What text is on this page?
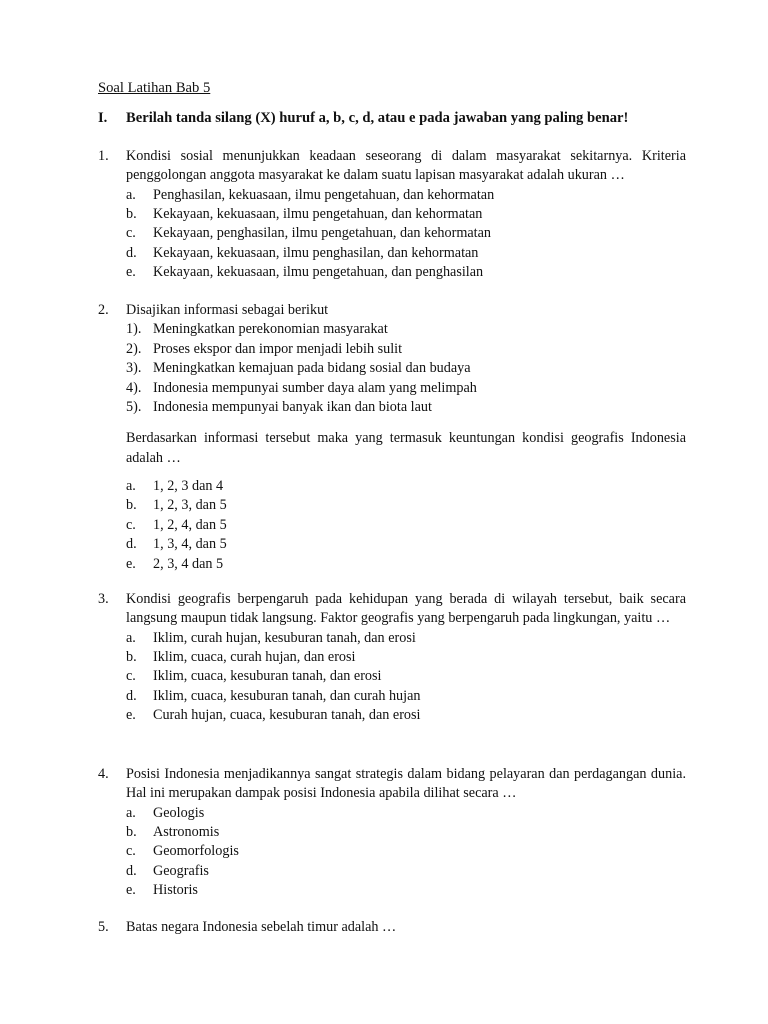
Soal Latihan Bab 5
I. Berilah tanda silang (X) huruf a, b, c, d, atau e pada jawaban yang paling benar!
1.	Kondisi sosial menunjukkan keadaan seseorang di dalam masyarakat sekitarnya. Kriteria penggolongan anggota masyarakat ke dalam suatu lapisan masyarakat adalah ukuran …
a.	Penghasilan, kekuasaan, ilmu pengetahuan, dan kehormatan
b.	Kekayaan, kekuasaan, ilmu pengetahuan, dan kehormatan
c.	Kekayaan, penghasilan, ilmu pengetahuan, dan kehormatan
d.	Kekayaan, kekuasaan, ilmu penghasilan, dan kehormatan
e.	Kekayaan, kekuasaan, ilmu pengetahuan, dan penghasilan
2.	Disajikan informasi sebagai berikut
1). Meningkatkan perekonomian masyarakat
2). Proses ekspor dan impor menjadi lebih sulit
3). Meningkatkan kemajuan pada bidang sosial dan budaya
4). Indonesia mempunyai sumber daya alam yang melimpah
5). Indonesia mempunyai banyak ikan dan biota laut
Berdasarkan informasi tersebut maka yang termasuk keuntungan kondisi geografis Indonesia adalah …
a.	1, 2, 3 dan 4
b.	1, 2, 3, dan 5
c.	1, 2, 4, dan 5
d.	1, 3, 4, dan 5
e.	2, 3, 4 dan 5
3.	Kondisi geografis berpengaruh pada kehidupan yang berada di wilayah tersebut, baik secara langsung maupun tidak langsung. Faktor geografis yang berpengaruh pada lingkungan, yaitu …
a.	Iklim, curah hujan, kesuburan tanah, dan erosi
b.	Iklim, cuaca, curah hujan, dan erosi
c.	Iklim, cuaca, kesuburan tanah, dan erosi
d.	Iklim, cuaca, kesuburan tanah, dan curah hujan
e.	Curah hujan, cuaca, kesuburan tanah, dan erosi
4.	Posisi Indonesia menjadikannya sangat strategis dalam bidang pelayaran dan perdagangan dunia. Hal ini merupakan dampak posisi Indonesia apabila dilihat secara …
a.	Geologis
b.	Astronomis
c.	Geomorfologis
d.	Geografis
e.	Historis
5.	Batas negara Indonesia sebelah timur adalah …
